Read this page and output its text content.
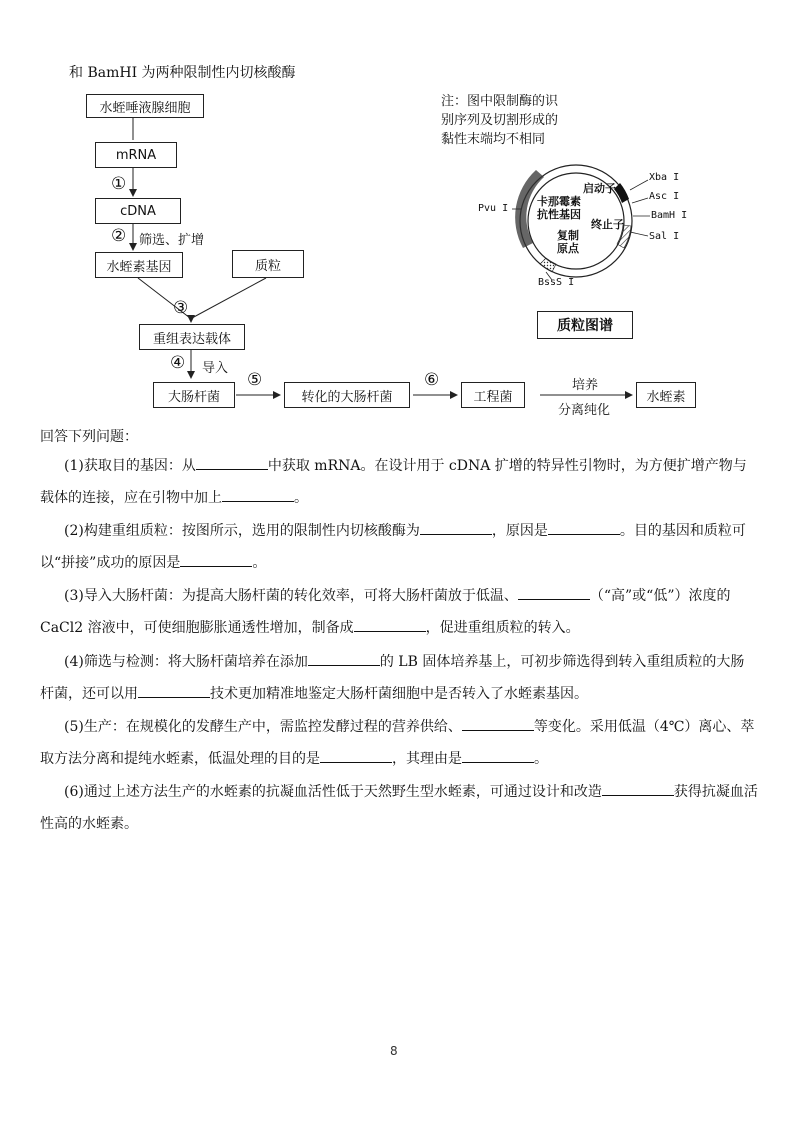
和 BamHI 为两种限制性内切核酸酶
水蛭唾液腺细胞
mRNA
cDNA
水蛭素基因	质粒
重组表达载体
大肠杆菌	转化的大肠杆菌	工程菌	水蛭素
①
② 筛选、扩增
③
④ 导入
⑤	⑥	培养
分离纯化
注：图中限制酶的识别序列及切割形成的黏性末端均不相同
Xba I
Asc I
BamH I
Sal I
Pvu I
BssS I
启动子
终止子
卡那霉素
抗性基因
复制
原点
质粒图谱
回答下列问题：
(1)获取目的基因：从	中获取 mRNA。在设计用于 cDNA 扩增的特异性引物时，为方便扩增产物与载体的连接，应在引物中加上	。
(2)构建重组质粒：按图所示，选用的限制性内切核酸酶为	，原因是	。目的基因和质粒可以“拼接”成功的原因是	。
(3)导入大肠杆菌：为提高大肠杆菌的转化效率，可将大肠杆菌放于低温、	（“高”或“低”）浓度的 CaCl2 溶液中，可使细胞膨胀通透性增加，制备成	，促进重组质粒的转入。
(4)筛选与检测：将大肠杆菌培养在添加	的 LB 固体培养基上，可初步筛选得到转入重组质粒的大肠杆菌，还可以用	技术更加精准地鉴定大肠杆菌细胞中是否转入了水蛭素基因。
(5)生产：在规模化的发酵生产中，需监控发酵过程的营养供给、	等变化。采用低温（4℃）离心、萃取方法分离和提纯水蛭素，低温处理的目的是	，其理由是	。
(6)通过上述方法生产的水蛭素的抗凝血活性低于天然野生型水蛭素，可通过设计和改造	获得抗凝血活性高的水蛭素。
8
